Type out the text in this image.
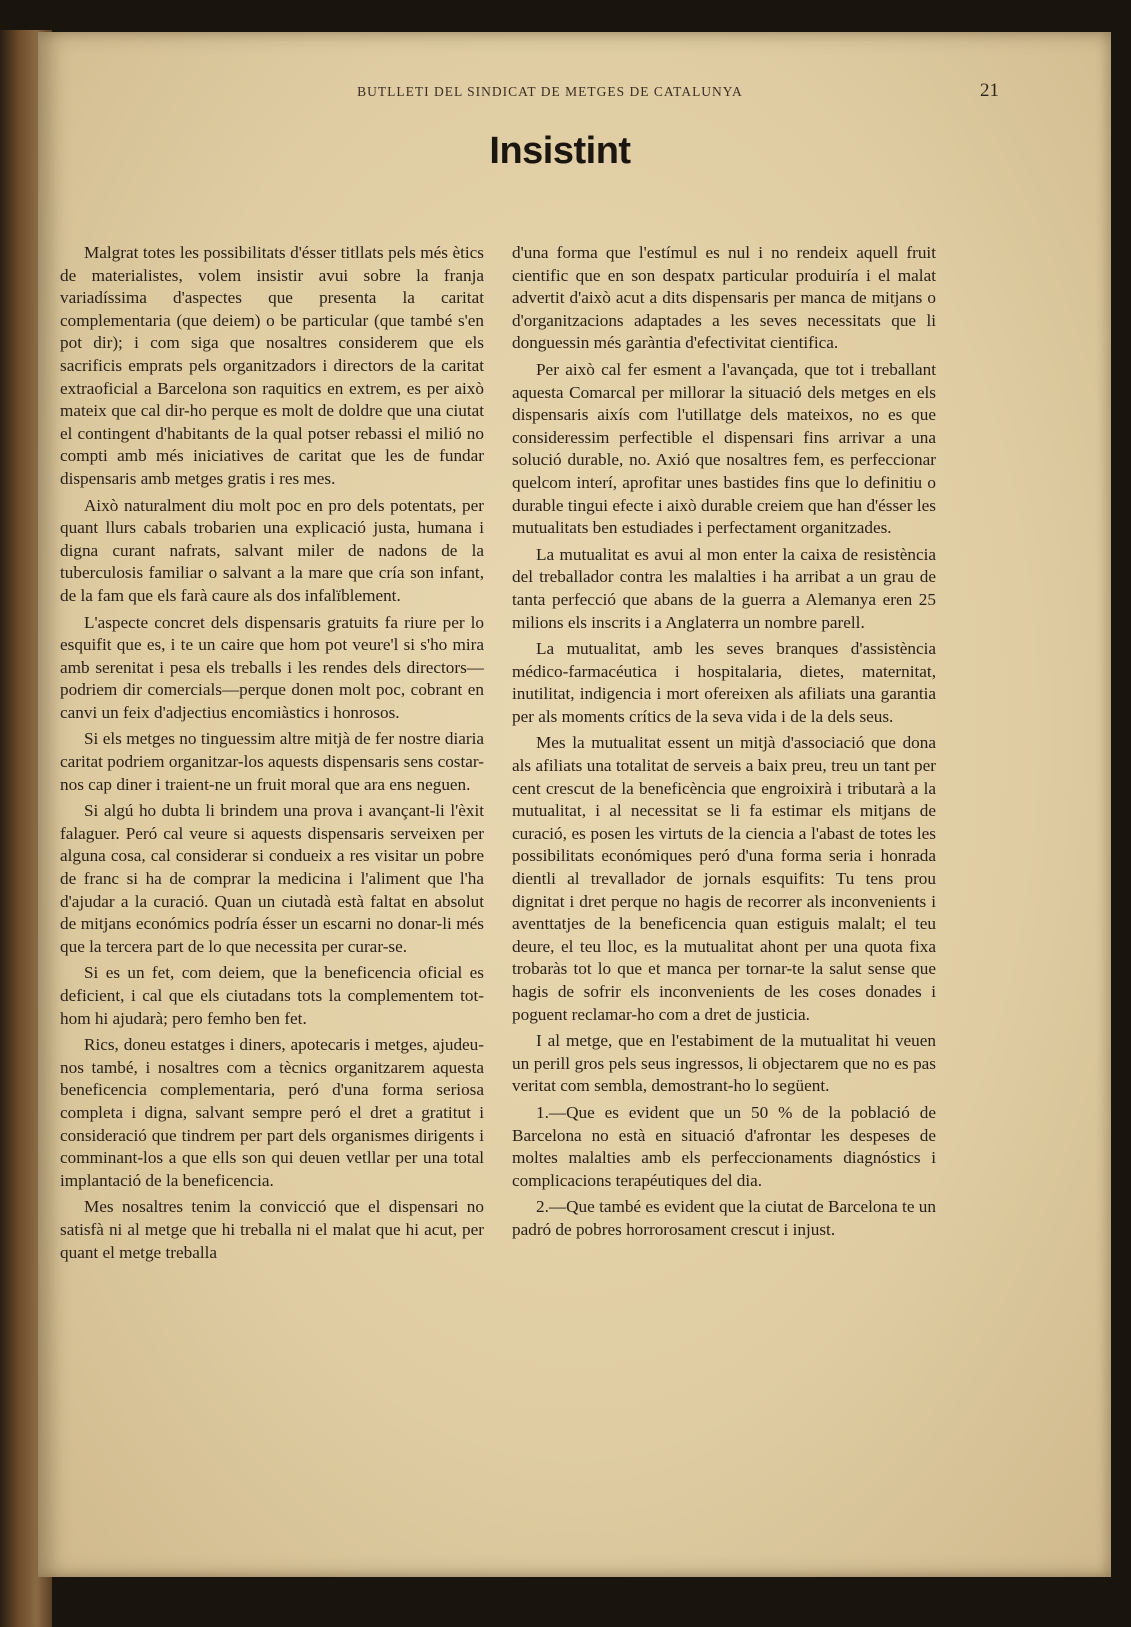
BUTLLETI DEL SINDICAT DE METGES DE CATALUNYA	21
Insistint

Malgrat totes les possibilitats d'ésser titllats pels més ètics de materialistes, volem insistir avui sobre la franja variadíssima d'aspectes que presenta la caritat complementaria (que deiem) o be particular (que també s'en pot dir); i com siga que nosaltres considerem que els sacrificis emprats pels organitzadors i directors de la caritat extraoficial a Barcelona son raquitics en extrem, es per això mateix que cal dir-ho perque es molt de doldre que una ciutat el contingent d'habitants de la qual potser rebassi el milió no compti amb més iniciatives de caritat que les de fundar dispensaris amb metges gratis i res mes.

Això naturalment diu molt poc en pro dels potentats, per quant llurs cabals trobarien una explicació justa, humana i digna curant nafrats, salvant miler de nadons de la tuberculosis familiar o salvant a la mare que cría son infant, de la fam que els farà caure als dos infalïblement.

L'aspecte concret dels dispensaris gratuits fa riure per lo esquifit que es, i te un caire que hom pot veure'l si s'ho mira amb serenitat i pesa els treballs i les rendes dels directors—podriem dir comercials—perque donen molt poc, cobrant en canvi un feix d'adjectius encomiàstics i honrosos.

Si els metges no tinguessim altre mitjà de fer nostre diaria caritat podriem organitzar-los aquests dispensaris sens costar-nos cap diner i traient-ne un fruit moral que ara ens neguen.

Si algú ho dubta li brindem una prova i avançant-li l'èxit falaguer. Peró cal veure si aquests dispensaris serveixen per alguna cosa, cal considerar si condueix a res visitar un pobre de franc si ha de comprar la medicina i l'aliment que l'ha d'ajudar a la curació. Quan un ciutadà està faltat en absolut de mitjans económics podría ésser un escarni no donar-li més que la tercera part de lo que necessita per curar-se.

Si es un fet, com deiem, que la beneficencia oficial es deficient, i cal que els ciutadans tots la complementem tot-hom hi ajudarà; pero femho ben fet.

Rics, doneu estatges i diners, apotecaris i metges, ajudeu-nos també, i nosaltres com a tècnics organitzarem aquesta beneficencia complementaria, peró d'una forma seriosa completa i digna, salvant sempre peró el dret a gratitut i consideració que tindrem per part dels organismes dirigents i comminant-los a que ells son qui deuen vetllar per una total implantació de la beneficencia.

Mes nosaltres tenim la convicció que el dispensari no satisfà ni al metge que hi treballa ni el malat que hi acut, per quant el metge treballa

d'una forma que l'estímul es nul i no rendeix aquell fruit cientific que en son despatx particular produiría i el malat advertit d'això acut a dits dispensaris per manca de mitjans o d'organitzacions adaptades a les seves necessitats que li donguessin més garàntia d'efectivitat cientifica.

Per això cal fer esment a l'avançada, que tot i treballant aquesta Comarcal per millorar la situació dels metges en els dispensaris aixís com l'utillatge dels mateixos, no es que consideressim perfectible el dispensari fins arrivar a una solució durable, no. Axió que nosaltres fem, es perfeccionar quelcom interí, aprofitar unes bastides fins que lo definitiu o durable tingui efecte i això durable creiem que han d'ésser les mutualitats ben estudiades i perfectament organitzades.

La mutualitat es avui al mon enter la caixa de resistència del treballador contra les malalties i ha arribat a un grau de tanta perfecció que abans de la guerra a Alemanya eren 25 milions els inscrits i a Anglaterra un nombre parell.

La mutualitat, amb les seves branques d'assistència médico-farmacéutica i hospitalaria, dietes, maternitat, inutilitat, indigencia i mort ofereixen als afiliats una garantia per als moments crítics de la seva vida i de la dels seus.

Mes la mutualitat essent un mitjà d'associació que dona als afiliats una totalitat de serveis a baix preu, treu un tant per cent crescut de la beneficència que engroixirà i tributarà a la mutualitat, i al necessitat se li fa estimar els mitjans de curació, es posen les virtuts de la ciencia a l'abast de totes les possibilitats económiques peró d'una forma seria i honrada dientli al trevallador de jornals esquifits: Tu tens prou dignitat i dret perque no hagis de recorrer als inconvenients i aventtatjes de la beneficencia quan estiguis malalt; el teu deure, el teu lloc, es la mutualitat ahont per una quota fixa trobaràs tot lo que et manca per tornar-te la salut sense que hagis de sofrir els inconvenients de les coses donades i poguent reclamar-ho com a dret de justicia.

I al metge, que en l'estabiment de la mutualitat hi veuen un perill gros pels seus ingressos, li objectarem que no es pas veritat com sembla, demostrant-ho lo següent.

1.—Que es evident que un 50 % de la població de Barcelona no està en situació d'afrontar les despeses de moltes malalties amb els perfeccionaments diagnóstics i complicacions terapéutiques del dia.

2.—Que també es evident que la ciutat de Barcelona te un padró de pobres horrorosament crescut i injust.
